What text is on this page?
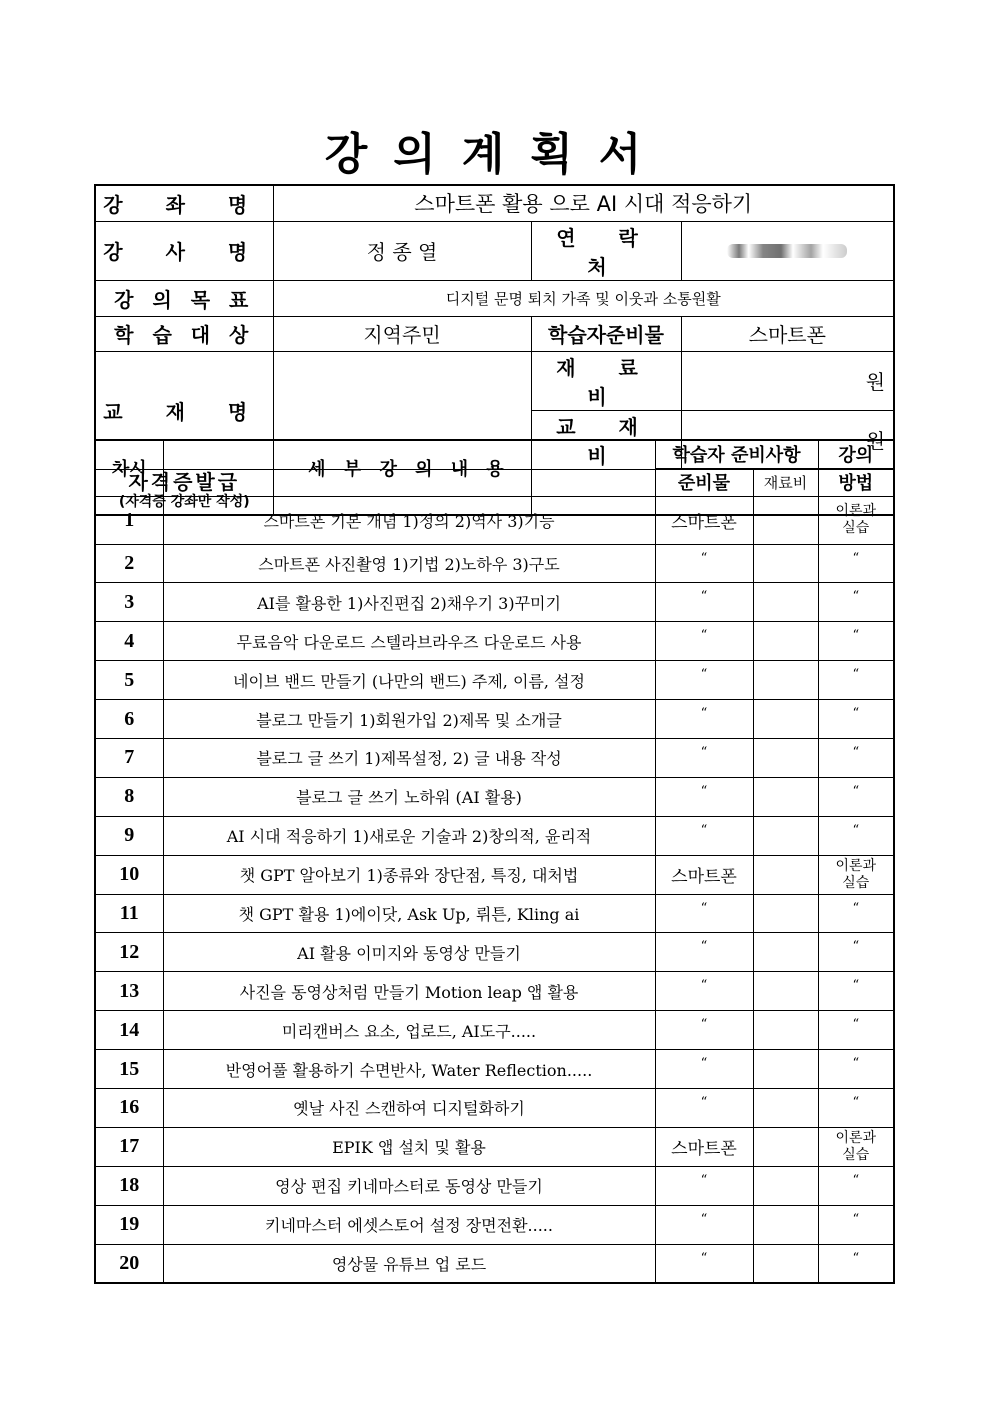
강의계획서
강 좌 명	스마트폰 활용 으로 AI 시대 적응하기		
강 사 명	정 종 열	연 락 처	
강 의 목 표	디지털 문명 퇴치 가족 및 이웃과 소통원활		
학 습 대 상	지역주민	학습자준비물	스마트폰
교 재 명		재 료 비	원
		교 재 비	원
자격증발급
(자격증 강좌만 작성)			

차시	세 부 강 의 내 용	학습자 준비사항		강의
		준비물	재료비	방법
1	스마트폰 기본 개념 1)정의 2)역사 3)기능	스마트폰		이론과
실습
2	스마트폰 사진촬영 1)기법 2)노하우 3)구도	“		“
3	AI를 활용한 1)사진편집 2)채우기 3)꾸미기	“		“
4	무료음악 다운로드 스텔라브라우즈 다운로드 사용	“		“
5	네이브 밴드 만들기 (나만의 밴드) 주제, 이름, 설정	“		“
6	블로그 만들기 1)회원가입 2)제목 및 소개글	“		“
7	블로그 글 쓰기 1)제목설정, 2) 글 내용 작성	“		“
8	블로그 글 쓰기 노하워 (AI 활용)	“		“
9	AI 시대 적응하기 1)새로운 기술과 2)창의적, 윤리적	“		“
10	챗 GPT 알아보기 1)종류와 장단점, 특징, 대처법	스마트폰		이론과
실습
11	챗 GPT 활용 1)에이닷, Ask Up, 뤼튼, Kling ai	“		“
12	AI 활용 이미지와 동영상 만들기	“		“
13	사진을 동영상처럼 만들기 Motion leap 앱 활용	“		“
14	미리캔버스 요소, 업로드, AI도구.....	“		“
15	반영어풀 활용하기 수면반사, Water Reflection.....	“		“
16	옛날 사진 스캔하여 디지털화하기	“		“
17	EPIK 앱 설치 및 활용	스마트폰		이론과
실습
18	영상 편집 키네마스터로 동영상 만들기	“		“
19	키네마스터 에셋스토어 설정 장면전환.....	“		“
20	영상물 유튜브 업 로드	“		“
